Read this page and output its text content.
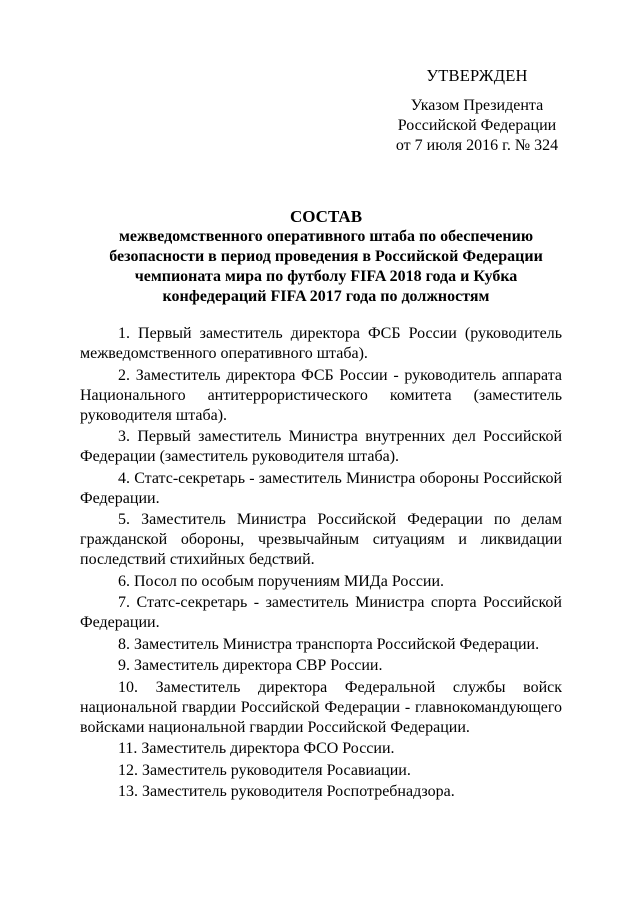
УТВЕРЖДЕН
Указом Президента
Российской Федерации
от 7 июля 2016 г. № 324
СОСТАВ
межведомственного оперативного штаба по обеспечению
безопасности в период проведения в Российской Федерации
чемпионата мира по футболу FIFA 2018 года и Кубка
конфедераций FIFA 2017 года по должностям

1. Первый заместитель директора ФСБ России (руководитель межведомственного оперативного штаба).

2. Заместитель директора ФСБ России - руководитель аппарата Национального антитеррористического комитета (заместитель руководителя штаба).

3. Первый заместитель Министра внутренних дел Российской Федерации (заместитель руководителя штаба).

4. Статс-секретарь - заместитель Министра обороны Российской Федерации.

5. Заместитель Министра Российской Федерации по делам гражданской обороны, чрезвычайным ситуациям и ликвидации последствий стихийных бедствий.

6. Посол по особым поручениям МИДа России.

7. Статс-секретарь - заместитель Министра спорта Российской Федерации.

8. Заместитель Министра транспорта Российской Федерации.

9. Заместитель директора СВР России.

10. Заместитель директора Федеральной службы войск национальной гвардии Российской Федерации - главнокомандующего войсками национальной гвардии Российской Федерации.

11. Заместитель директора ФСО России.

12. Заместитель руководителя Росавиации.

13. Заместитель руководителя Роспотребнадзора.
